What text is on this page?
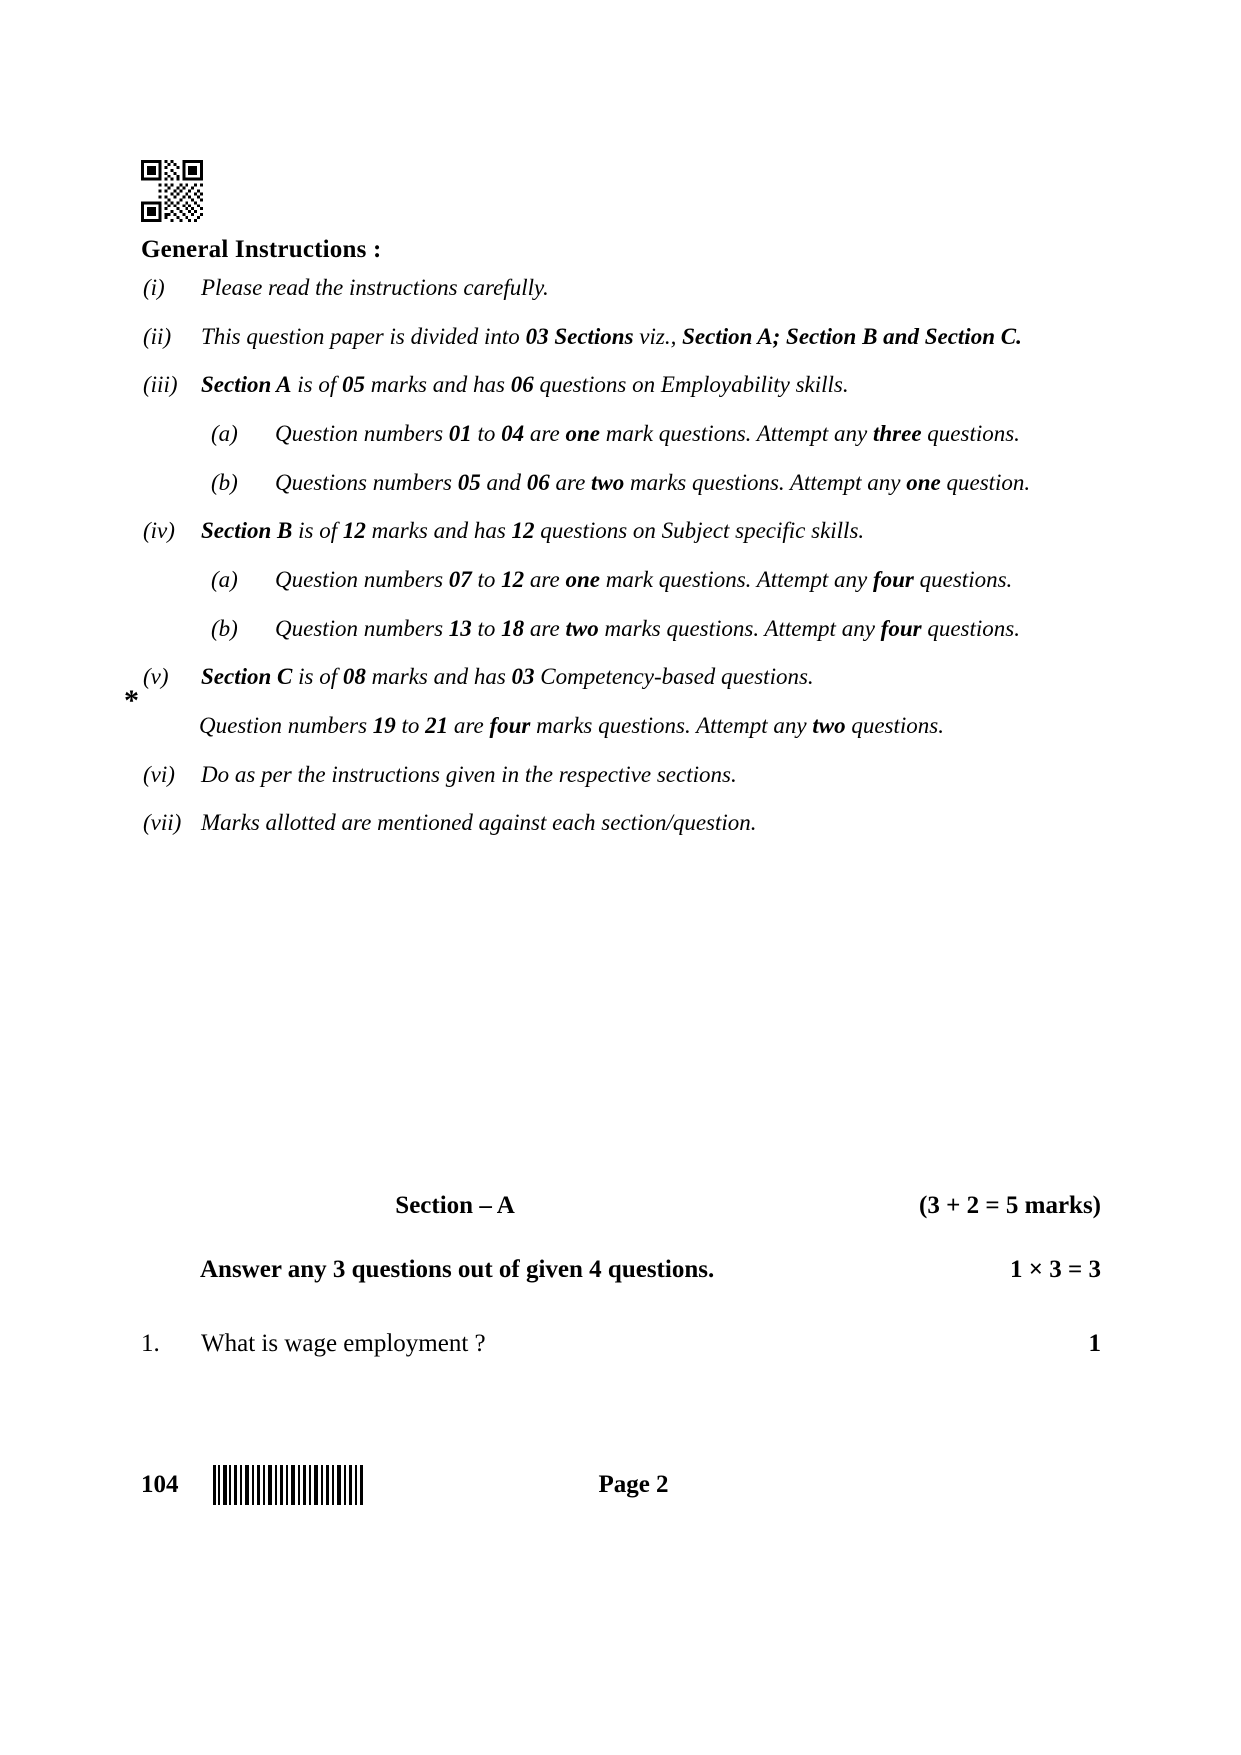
General Instructions :
*
(i)	Please read the instructions carefully.
(ii)	This question paper is divided into 03 Sections viz., Section A; Section B and Section C.
(iii)	Section A is of 05 marks and has 06 questions on Employability skills.
(a)	Question numbers 01 to 04 are one mark questions. Attempt any three questions.
(b)	Questions numbers 05 and 06 are two marks questions. Attempt any one question.
(iv)	Section B is of 12 marks and has 12 questions on Subject specific skills.
(a)	Question numbers 07 to 12 are one mark questions. Attempt any four questions.
(b)	Question numbers 13 to 18 are two marks questions. Attempt any four questions.
(v)	Section C is of 08 marks and has 03 Competency-based questions.
Question numbers 19 to 21 are four marks questions. Attempt any two questions.
(vi)	Do as per the instructions given in the respective sections.
(vii) Marks allotted are mentioned against each section/question.
Section – A	(3 + 2 = 5 marks)
Answer any 3 questions out of given 4 questions.	1 × 3 = 3
1.	What is wage employment ?	1
104	Page 2
